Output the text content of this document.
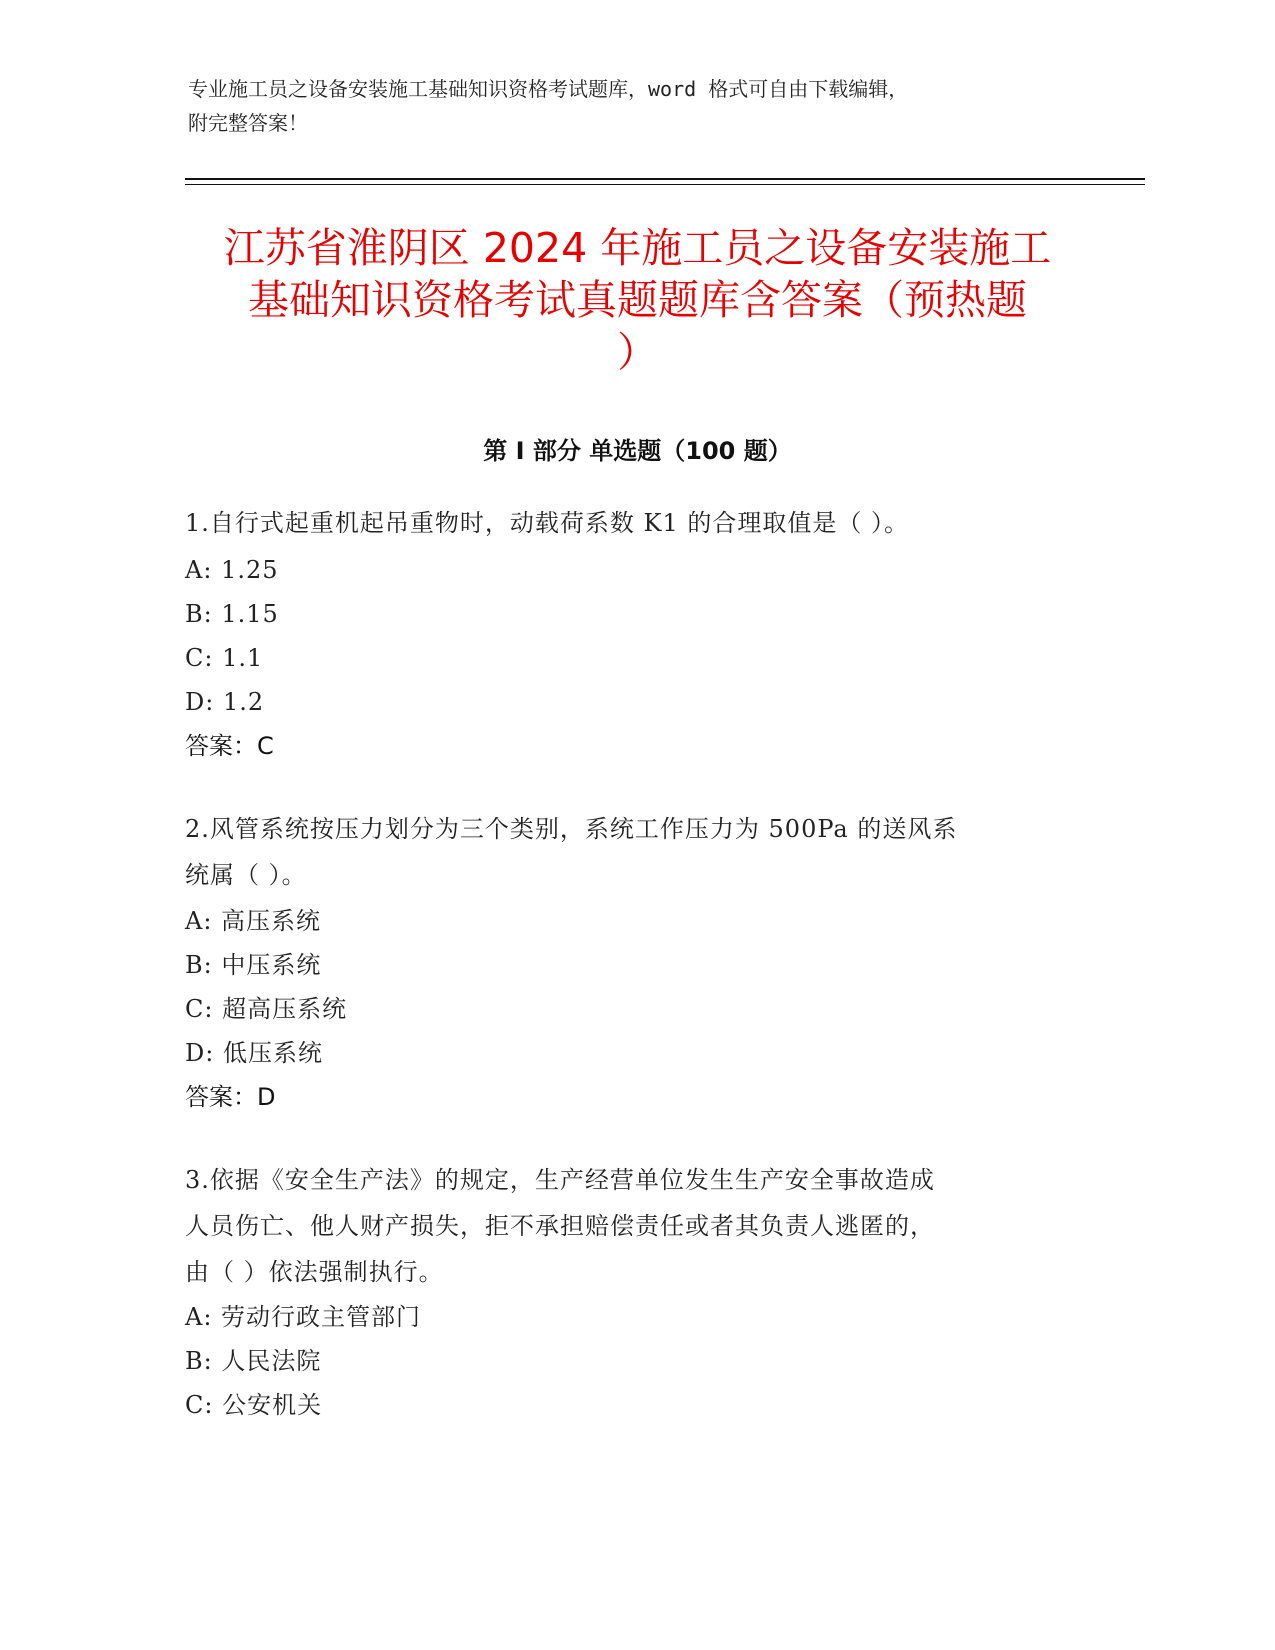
专业施工员之设备安装施工基础知识资格考试题库，word 格式可自由下载编辑，
附完整答案！
江苏省淮阴区 2024 年施工员之设备安装施工
基础知识资格考试真题题库含答案（预热题
）
第 I 部分 单选题（100 题）
1.自行式起重机起吊重物时，动载荷系数 K1 的合理取值是（ ）。
A: 1.25
B: 1.15
C: 1.1
D: 1.2
答案：C
2.风管系统按压力划分为三个类别，系统工作压力为 500Pa 的送风系
统属（ ）。
A: 高压系统
B: 中压系统
C: 超高压系统
D: 低压系统
答案：D
3.依据《安全生产法》的规定，生产经营单位发生生产安全事故造成
人员伤亡、他人财产损失，拒不承担赔偿责任或者其负责人逃匿的，
由（ ）依法强制执行。
A: 劳动行政主管部门
B: 人民法院
C: 公安机关
